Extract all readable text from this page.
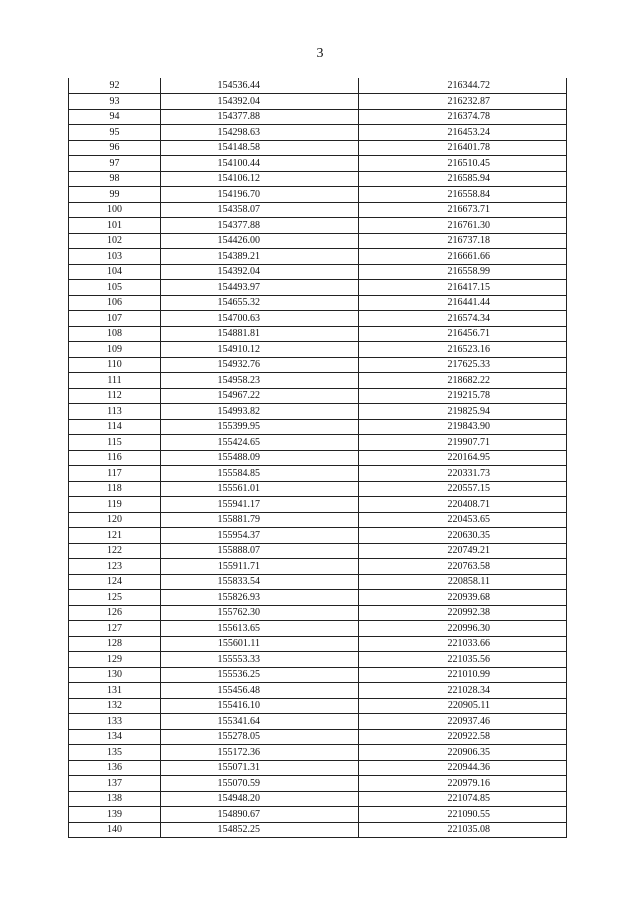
3
92	154536.44	216344.72
93	154392.04	216232.87
94	154377.88	216374.78
95	154298.63	216453.24
96	154148.58	216401.78
97	154100.44	216510.45
98	154106.12	216585.94
99	154196.70	216558.84
100	154358.07	216673.71
101	154377.88	216761.30
102	154426.00	216737.18
103	154389.21	216661.66
104	154392.04	216558.99
105	154493.97	216417.15
106	154655.32	216441.44
107	154700.63	216574.34
108	154881.81	216456.71
109	154910.12	216523.16
110	154932.76	217625.33
111	154958.23	218682.22
112	154967.22	219215.78
113	154993.82	219825.94
114	155399.95	219843.90
115	155424.65	219907.71
116	155488.09	220164.95
117	155584.85	220331.73
118	155561.01	220557.15
119	155941.17	220408.71
120	155881.79	220453.65
121	155954.37	220630.35
122	155888.07	220749.21
123	155911.71	220763.58
124	155833.54	220858.11
125	155826.93	220939.68
126	155762.30	220992.38
127	155613.65	220996.30
128	155601.11	221033.66
129	155553.33	221035.56
130	155536.25	221010.99
131	155456.48	221028.34
132	155416.10	220905.11
133	155341.64	220937.46
134	155278.05	220922.58
135	155172.36	220906.35
136	155071.31	220944.36
137	155070.59	220979.16
138	154948.20	221074.85
139	154890.67	221090.55
140	154852.25	221035.08
